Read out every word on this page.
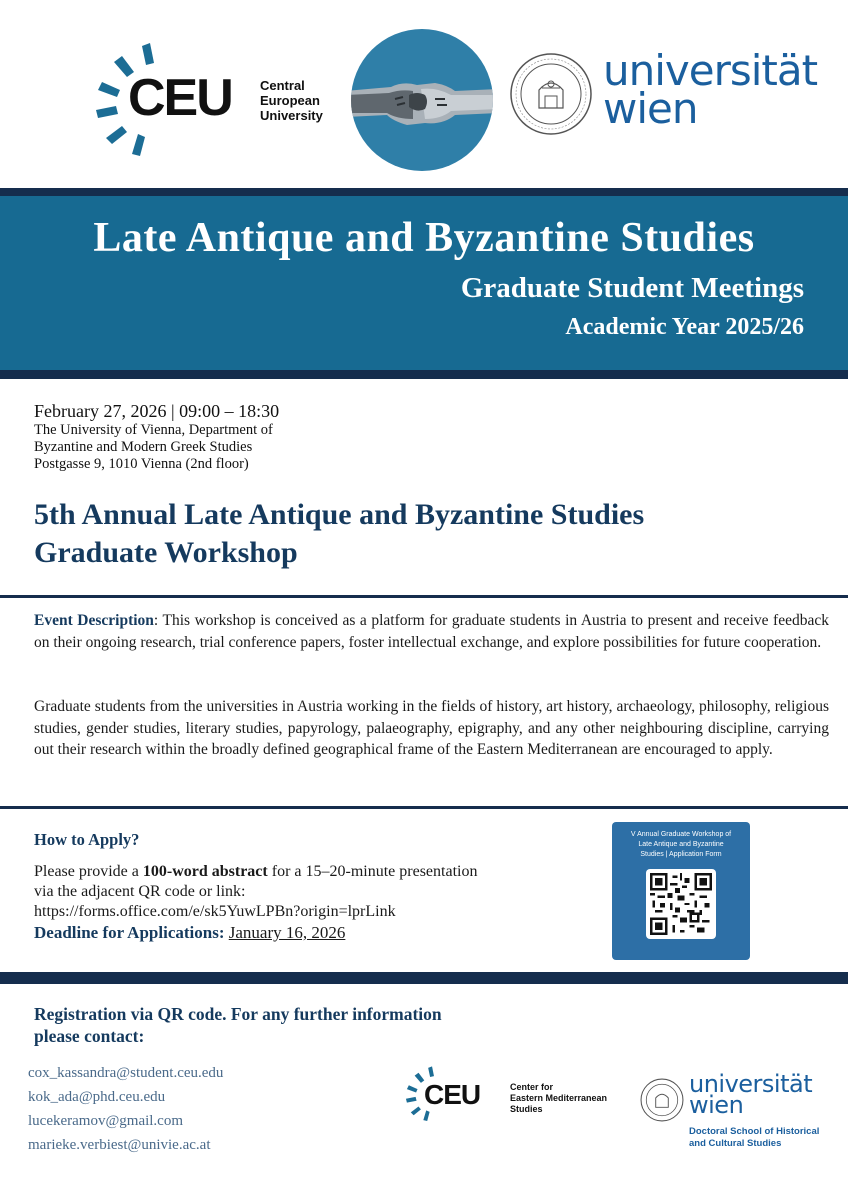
CEU Central
European
University
universität
wien
Late Antique and Byzantine Studies
Graduate Student Meetings
Academic Year 2025/26
February 27, 2026 | 09:00 – 18:30
The University of Vienna, Department of
Byzantine and Modern Greek Studies
Postgasse 9, 1010 Vienna (2nd floor)
5th Annual Late Antique and Byzantine Studies
Graduate Workshop
Event Description: This workshop is conceived as a platform for graduate students in Austria to present and receive feedback on their ongoing research, trial conference papers, foster intellectual exchange, and explore possibilities for future cooperation.
Graduate students from the universities in Austria working in the fields of history, art history, archaeology, philosophy, religious studies, gender studies, literary studies, papyrology, palaeography, epigraphy, and any other neighbouring discipline, carrying out their research within the broadly defined geographical frame of the Eastern Mediterranean are encouraged to apply.
How to Apply?

Please provide a 100-word abstract for a 15–20-minute presentation

via the adjacent QR code or link:

https://forms.office.com/e/sk5YuwLPBn?origin=lprLink

Deadline for Applications: January 16, 2026
V Annual Graduate Workshop of
Late Antique and Byzantine
Studies | Application Form
Registration via QR code. For any further information
please contact:
cox_kassandra@student.ceu.edu
kok_ada@phd.ceu.edu
lucekeramov@gmail.com
marieke.verbiest@univie.ac.at
CEU	Center for
Eastern Mediterranean
Studies
universität
wien
Doctoral School of Historical
and Cultural Studies
